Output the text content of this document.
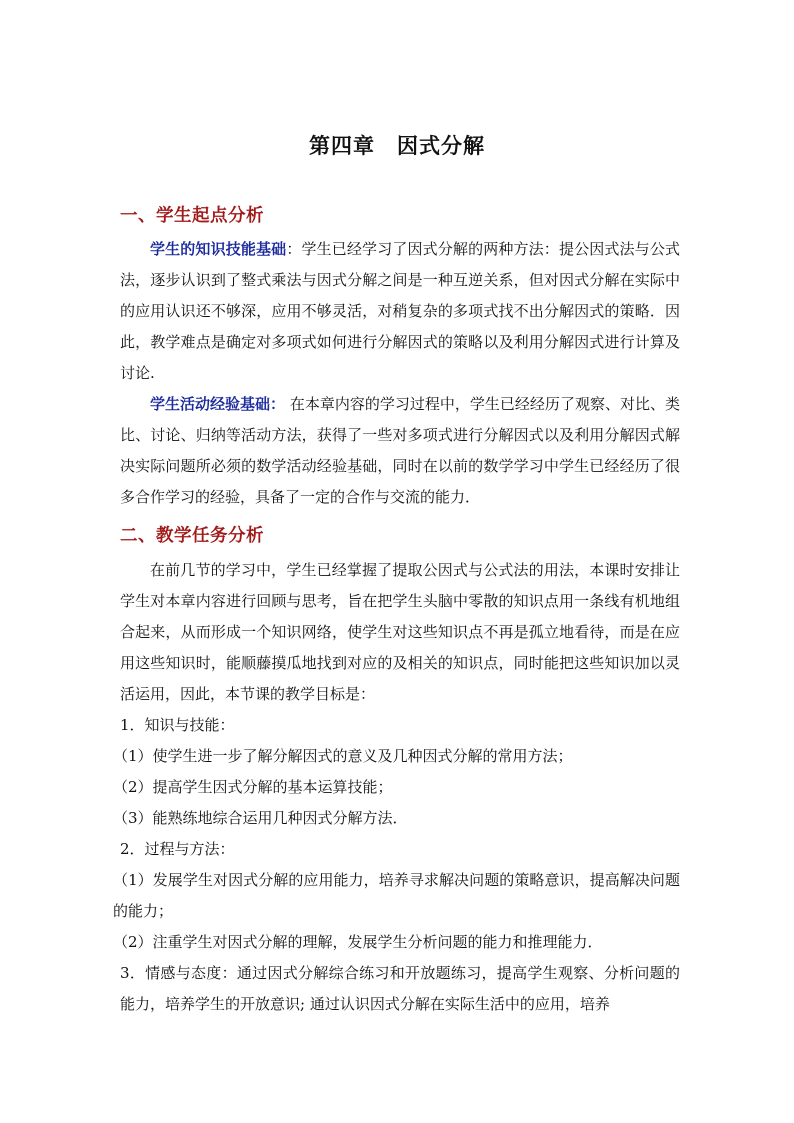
第四章 因式分解
一、学生起点分析
学生的知识技能基础：学生已经学习了因式分解的两种方法：提公因式法与公式法，逐步认识到了整式乘法与因式分解之间是一种互逆关系，但对因式分解在实际中的应用认识还不够深，应用不够灵活，对稍复杂的多项式找不出分解因式的策略．因此，教学难点是确定对多项式如何进行分解因式的策略以及利用分解因式进行计算及讨论.
学生活动经验基础： 在本章内容的学习过程中，学生已经经历了观察、对比、类比、讨论、归纳等活动方法，获得了一些对多项式进行分解因式以及利用分解因式解决实际问题所必须的数学活动经验基础，同时在以前的数学学习中学生已经经历了很多合作学习的经验，具备了一定的合作与交流的能力．
二、教学任务分析
在前几节的学习中，学生已经掌握了提取公因式与公式法的用法，本课时安排让学生对本章内容进行回顾与思考，旨在把学生头脑中零散的知识点用一条线有机地组合起来，从而形成一个知识网络，使学生对这些知识点不再是孤立地看待，而是在应用这些知识时，能顺藤摸瓜地找到对应的及相关的知识点，同时能把这些知识加以灵活运用，因此，本节课的教学目标是：
1．知识与技能：
（1）使学生进一步了解分解因式的意义及几种因式分解的常用方法；
（2）提高学生因式分解的基本运算技能；
（3）能熟练地综合运用几种因式分解方法．
2．过程与方法：
（1）发展学生对因式分解的应用能力，培养寻求解决问题的策略意识，提高解决问题的能力；
（2）注重学生对因式分解的理解，发展学生分析问题的能力和推理能力．
3．情感与态度：通过因式分解综合练习和开放题练习，提高学生观察、分析问题的能力，培养学生的开放意识; 通过认识因式分解在实际生活中的应用，培养
